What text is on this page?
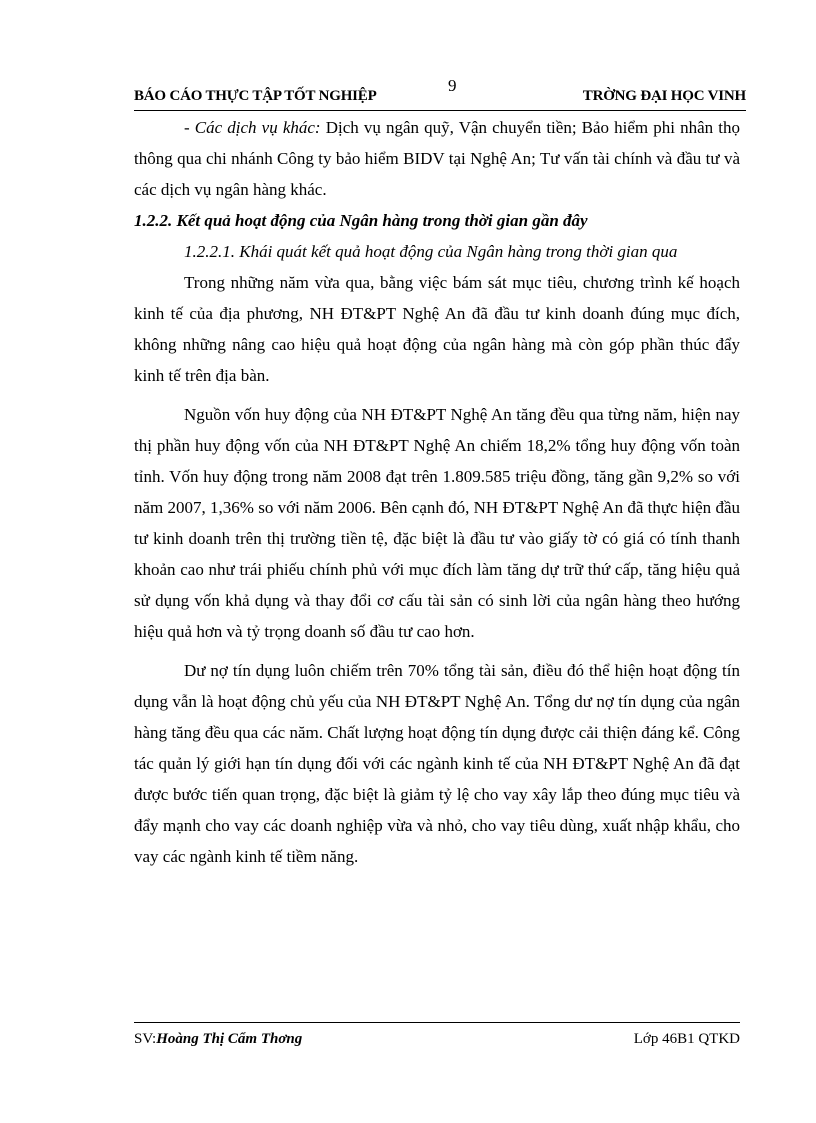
9
BÁO CÁO THỰC TẬP TỐT NGHIỆP	TRỜNG ĐẠI HỌC VINH

- Các dịch vụ khác: Dịch vụ ngân quỹ, Vận chuyển tiền; Bảo hiểm phi nhân thọ thông qua chi nhánh Công ty bảo hiểm BIDV tại Nghệ An; Tư vấn tài chính và đầu tư và các dịch vụ ngân hàng khác.

1.2.2. Kết quả hoạt động của Ngân hàng trong thời gian gần đây
1.2.2.1. Khái quát kết quả hoạt động của Ngân hàng trong thời gian qua

Trong những năm vừa qua, bằng việc bám sát mục tiêu, chương trình kế hoạch kinh tế của địa phương, NH ĐT&PT Nghệ An đã đầu tư kinh doanh đúng mục đích, không những nâng cao hiệu quả hoạt động của ngân hàng mà còn góp phần thúc đẩy kinh tế trên địa bàn.

Nguồn vốn huy động của NH ĐT&PT Nghệ An tăng đều qua từng năm, hiện nay thị phần huy động vốn của NH ĐT&PT Nghệ An chiếm 18,2% tổng huy động vốn toàn tỉnh. Vốn huy động trong năm 2008 đạt trên 1.809.585 triệu đồng, tăng gần 9,2% so với năm 2007, 1,36% so với năm 2006. Bên cạnh đó, NH ĐT&PT Nghệ An đã thực hiện đầu tư kinh doanh trên thị trường tiền tệ, đặc biệt là đầu tư vào giấy tờ có giá có tính thanh khoản cao như trái phiếu chính phủ với mục đích làm tăng dự trữ thứ cấp, tăng hiệu quả sử dụng vốn khả dụng và thay đổi cơ cấu tài sản có sinh lời của ngân hàng theo hướng hiệu quả hơn và tỷ trọng doanh số đầu tư cao hơn.

Dư nợ tín dụng luôn chiếm trên 70% tổng tài sản, điều đó thể hiện hoạt động tín dụng vẫn là hoạt động chủ yếu của NH ĐT&PT Nghệ An. Tổng dư nợ tín dụng của ngân hàng tăng đều qua các năm. Chất lượng hoạt động tín dụng được cải thiện đáng kể. Công tác quản lý giới hạn tín dụng đối với các ngành kinh tế của NH ĐT&PT Nghệ An đã đạt được bước tiến quan trọng, đặc biệt là giảm tỷ lệ cho vay xây lắp theo đúng mục tiêu và đẩy mạnh cho vay các doanh nghiệp vừa và nhỏ, cho vay tiêu dùng, xuất nhập khẩu, cho vay các ngành kinh tế tiềm năng.

SV:Hoàng Thị Cẩm Thơng	Lớp 46B1 QTKD
